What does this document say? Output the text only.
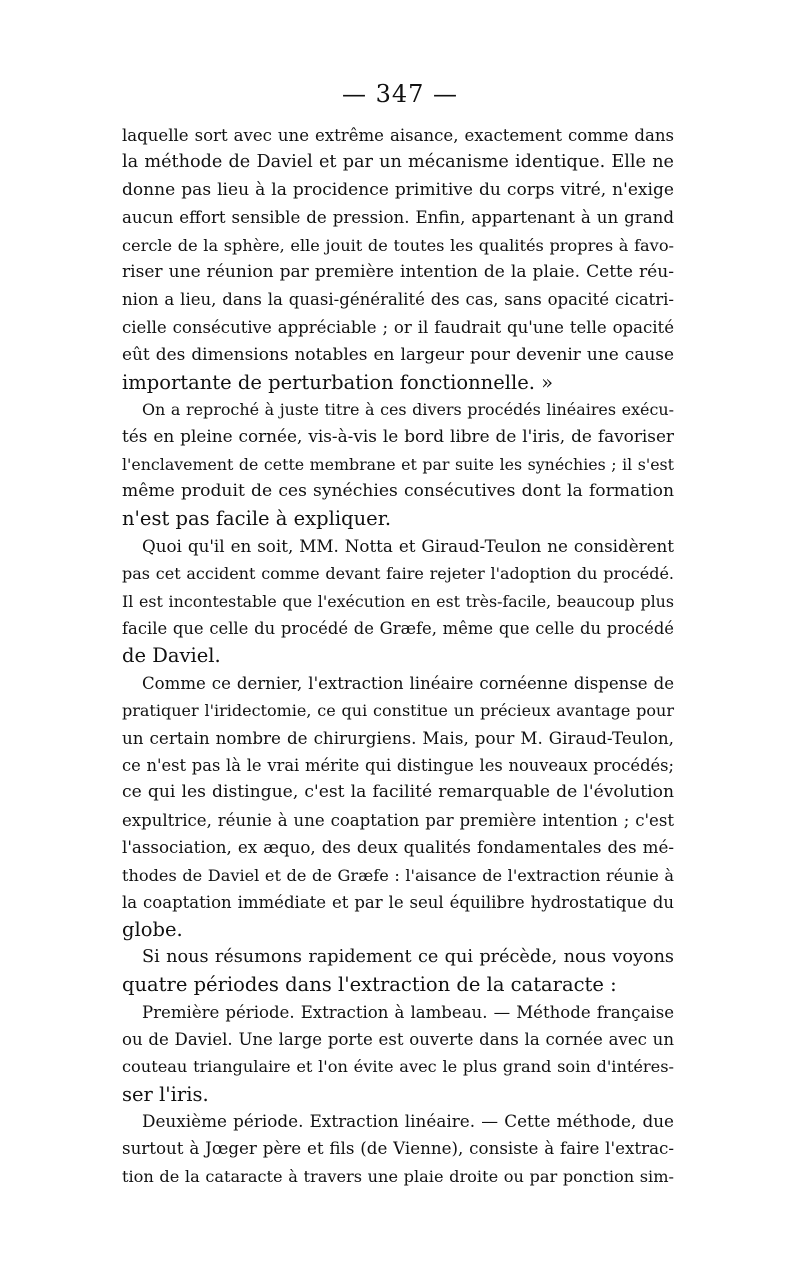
— 347 —
laquelle sort avec une extrême aisance, exactement comme dans
la méthode de Daviel et par un mécanisme identique. Elle ne
donne pas lieu à la procidence primitive du corps vitré, n'exige
aucun effort sensible de pression. Enfin, appartenant à un grand
cercle de la sphère, elle jouit de toutes les qualités propres à favo-
riser une réunion par première intention de la plaie. Cette réu-
nion a lieu, dans la quasi-généralité des cas, sans opacité cicatri-
cielle consécutive appréciable ; or il faudrait qu'une telle opacité
eût des dimensions notables en largeur pour devenir une cause
importante de perturbation fonctionnelle. »
On a reproché à juste titre à ces divers procédés linéaires exécu-
tés en pleine cornée, vis-à-vis le bord libre de l'iris, de favoriser
l'enclavement de cette membrane et par suite les synéchies ; il s'est
même produit de ces synéchies consécutives dont la formation
n'est pas facile à expliquer.
Quoi qu'il en soit, MM. Notta et Giraud-Teulon ne considèrent
pas cet accident comme devant faire rejeter l'adoption du procédé.
Il est incontestable que l'exécution en est très-facile, beaucoup plus
facile que celle du procédé de Græfe, même que celle du procédé
de Daviel.
Comme ce dernier, l'extraction linéaire cornéenne dispense de
pratiquer l'iridectomie, ce qui constitue un précieux avantage pour
un certain nombre de chirurgiens. Mais, pour M. Giraud-Teulon,
ce n'est pas là le vrai mérite qui distingue les nouveaux procédés;
ce qui les distingue, c'est la facilité remarquable de l'évolution
expultrice, réunie à une coaptation par première intention ; c'est
l'association, ex æquo, des deux qualités fondamentales des mé-
thodes de Daviel et de de Græfe : l'aisance de l'extraction réunie à
la coaptation immédiate et par le seul équilibre hydrostatique du
globe.
Si nous résumons rapidement ce qui précède, nous voyons
quatre périodes dans l'extraction de la cataracte :
Première période. Extraction à lambeau. — Méthode française
ou de Daviel. Une large porte est ouverte dans la cornée avec un
couteau triangulaire et l'on évite avec le plus grand soin d'intéres-
ser l'iris.
Deuxième période. Extraction linéaire. — Cette méthode, due
surtout à Jœger père et fils (de Vienne), consiste à faire l'extrac-
tion de la cataracte à travers une plaie droite ou par ponction sim-
